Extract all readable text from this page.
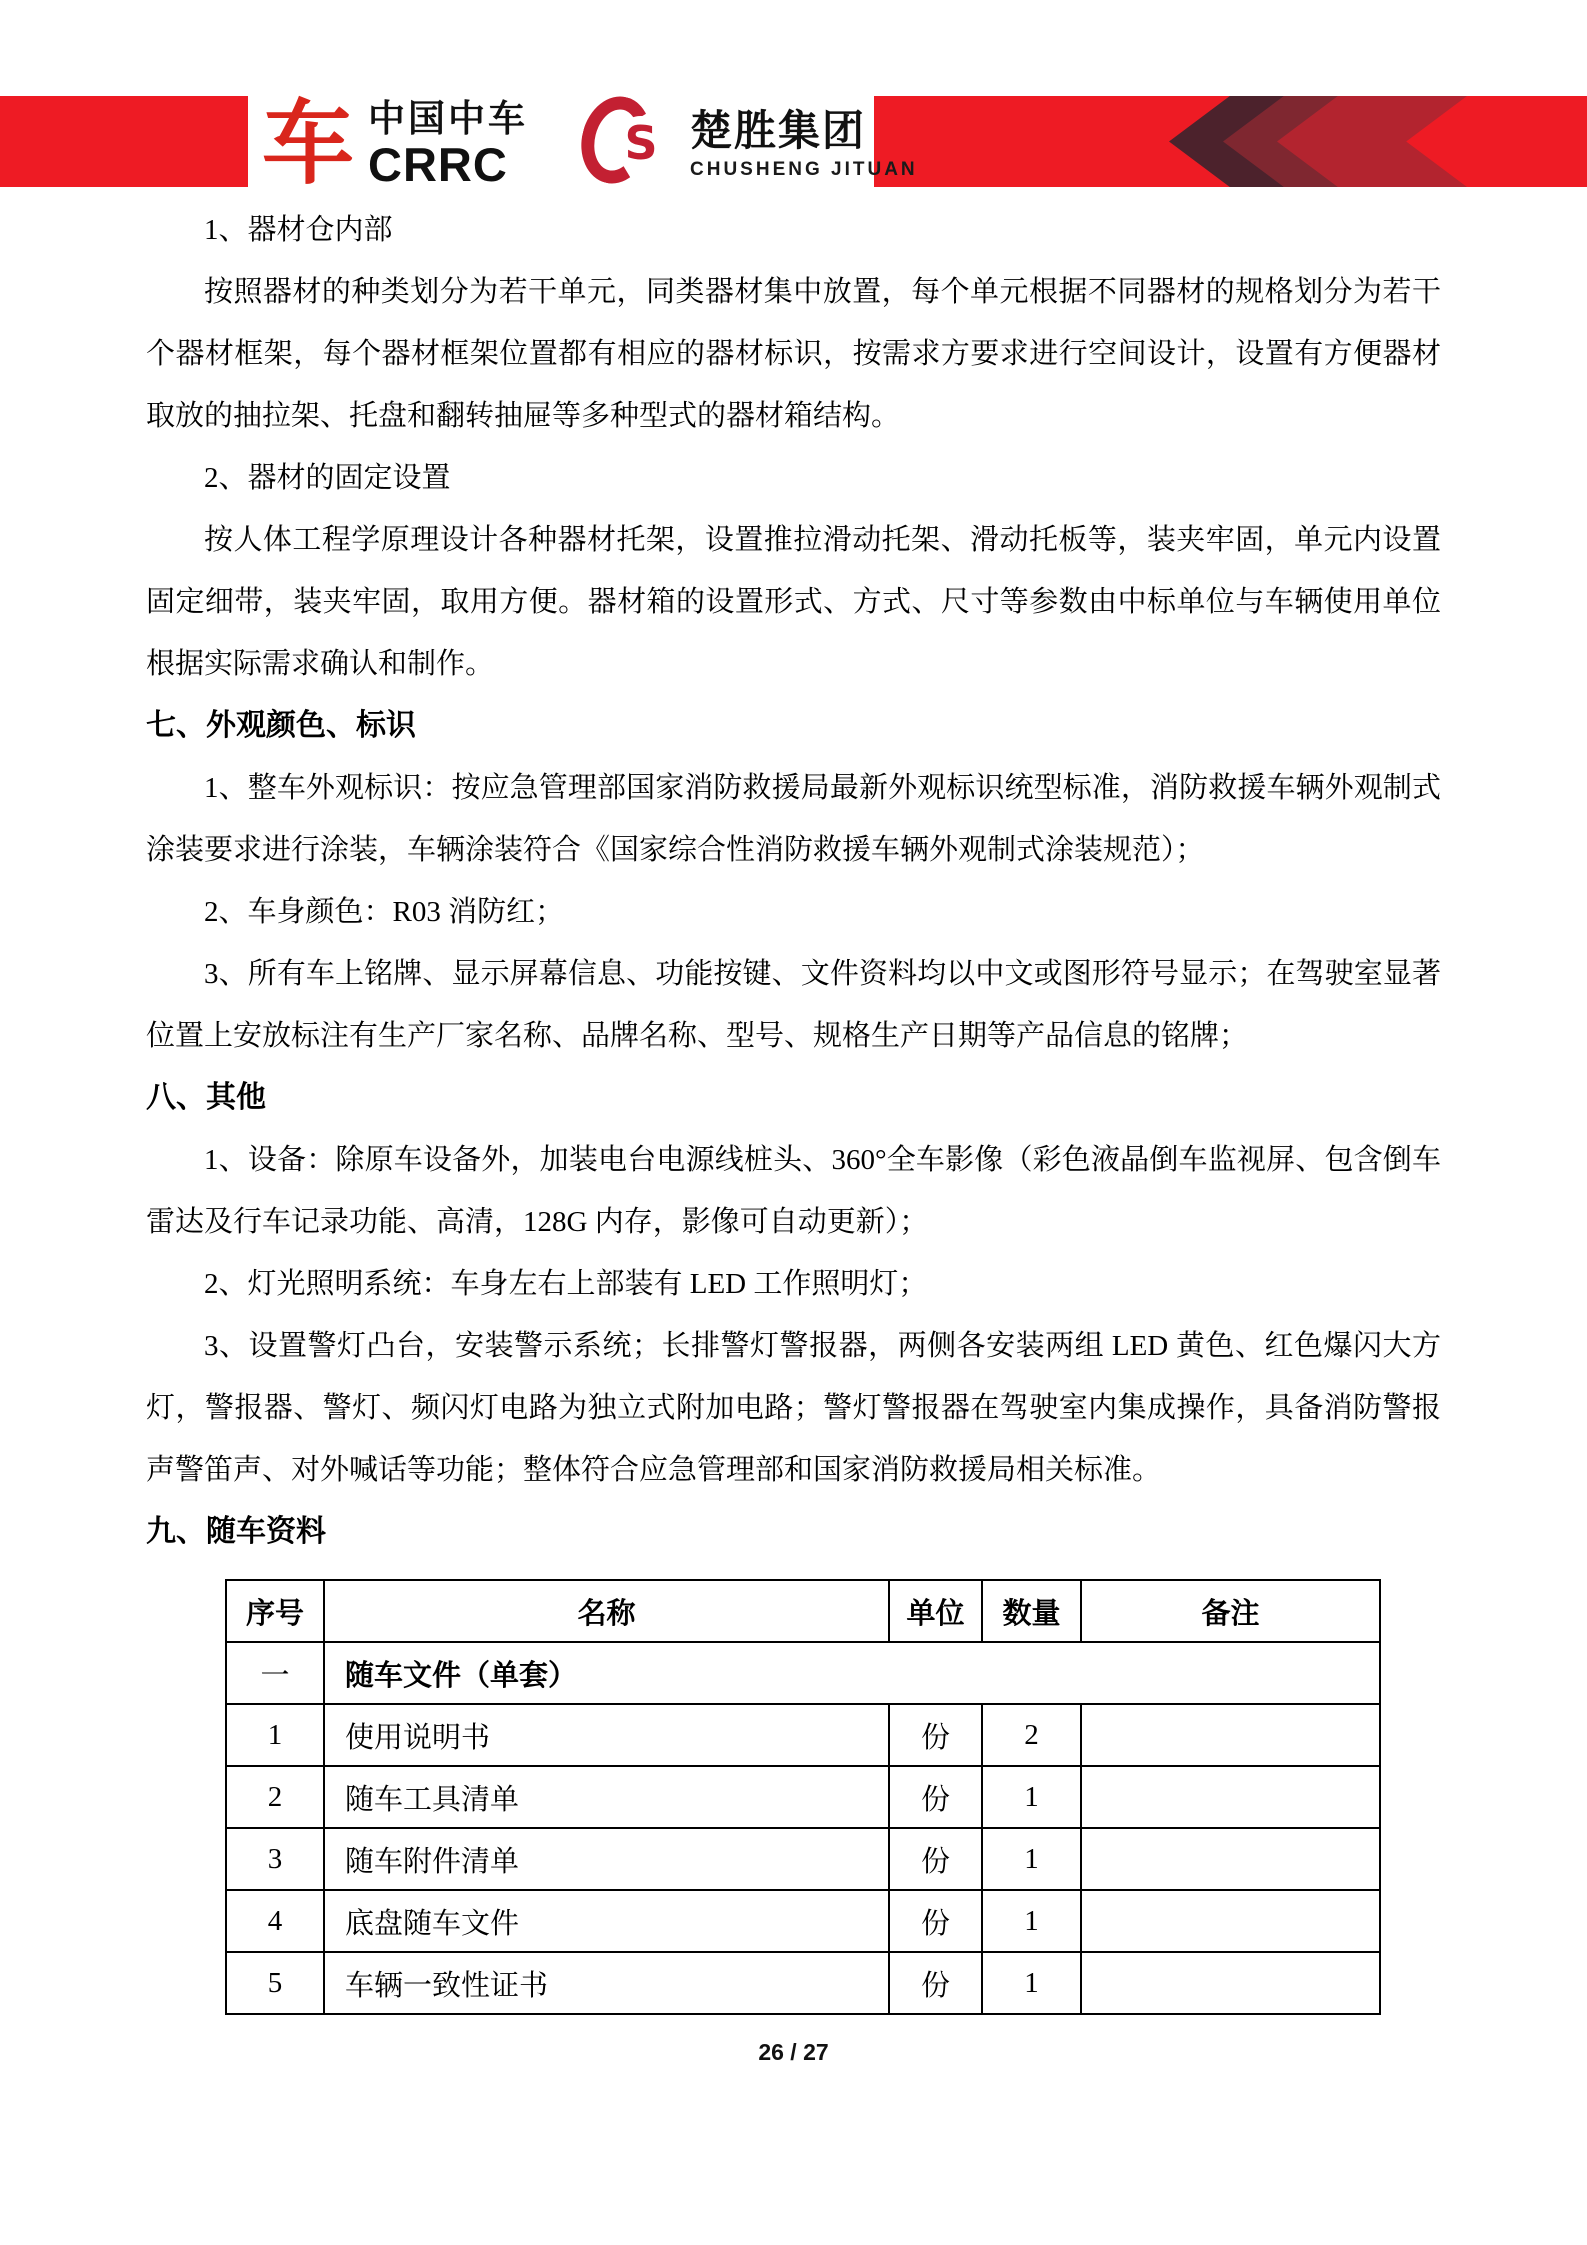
车 中国中车
CRRC	S 楚胜集团
CHUSHENG JITUAN

1、器材仓内部

按照器材的种类划分为若干单元，同类器材集中放置，每个单元根据不同器材的规格划分为若干个器材框架，每个器材框架位置都有相应的器材标识，按需求方要求进行空间设计，设置有方便器材取放的抽拉架、托盘和翻转抽屉等多种型式的器材箱结构。

2、器材的固定设置

按人体工程学原理设计各种器材托架，设置推拉滑动托架、滑动托板等，装夹牢固，单元内设置固定细带，装夹牢固，取用方便。器材箱的设置形式、方式、尺寸等参数由中标单位与车辆使用单位根据实际需求确认和制作。

七、外观颜色、标识

1、整车外观标识：按应急管理部国家消防救援局最新外观标识统型标准，消防救援车辆外观制式涂装要求进行涂装，车辆涂装符合《国家综合性消防救援车辆外观制式涂装规范）；

2、车身颜色：R03 消防红；

3、所有车上铭牌、显示屏幕信息、功能按键、文件资料均以中文或图形符号显示；在驾驶室显著位置上安放标注有生产厂家名称、品牌名称、型号、规格生产日期等产品信息的铭牌；

八、其他

1、设备：除原车设备外，加装电台电源线桩头、360°全车影像（彩色液晶倒车监视屏、包含倒车雷达及行车记录功能、高清，128G 内存，影像可自动更新）；

2、灯光照明系统：车身左右上部装有 LED 工作照明灯；

3、设置警灯凸台，安装警示系统；长排警灯警报器，两侧各安装两组 LED 黄色、红色爆闪大方灯，警报器、警灯、频闪灯电路为独立式附加电路；警灯警报器在驾驶室内集成操作，具备消防警报声警笛声、对外喊话等功能；整体符合应急管理部和国家消防救援局相关标准。

九、随车资料

序号	名称	单位	数量	备注
一	随车文件（单套）			
1	使用说明书	份	2	
2	随车工具清单	份	1	
3	随车附件清单	份	1	
4	底盘随车文件	份	1	
5	车辆一致性证书	份	1	
26 / 27
